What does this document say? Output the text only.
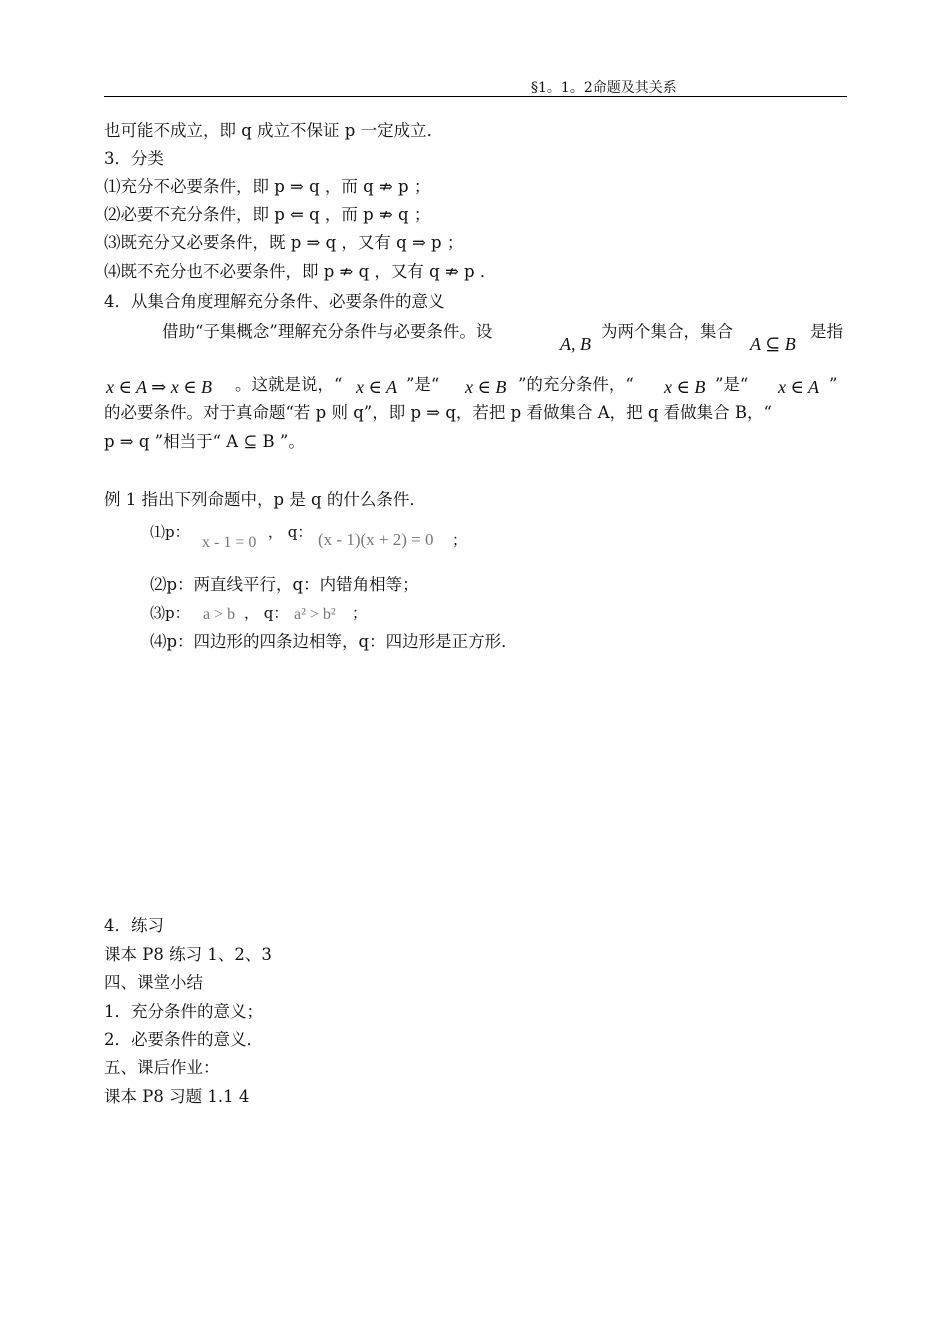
§1。1。2命题及其关系
也可能不成立，即 q 成立不保证 p 一定成立．
3．分类
⑴充分不必要条件，即 p ⇒ q ，而 q ⇏ p ；
⑵必要不充分条件，即 p ⇐ q ，而 p ⇏ q ；
⑶既充分又必要条件，既 p ⇒ q ，又有 q ⇒ p ；
⑷既不充分也不必要条件，即 p ⇏ q ，又有 q ⇏ p ．
4．从集合角度理解充分条件、必要条件的意义
借助“子集概念”理解充分条件与必要条件。设
A, B
为两个集合，集合
A ⊆ B
是指
x ∈ A ⇒ x ∈ B 。这就是说，“ x ∈ A ”是“ x ∈ B ”的充分条件，“ x ∈ B ”是“ x ∈ A ”
的必要条件。对于真命题“若 p 则 q”，即 p ⇒ q，若把 p 看做集合 A，把 q 看做集合 B，“
p ⇒ q ”相当于“ A ⊆ B ”。
例 1 指出下列命题中，p 是 q 的什么条件．
⑴p：
x - 1 = 0
， q： (x - 1)(x + 2) = 0 ；
⑵p：两直线平行，q：内错角相等；
⑶p： a > b ， q： a² > b² ；
⑷p：四边形的四条边相等，q：四边形是正方形．
4．练习
课本 P8 练习 1、2、3
四、课堂小结
1．充分条件的意义；
2．必要条件的意义．
五、课后作业：
课本 P8 习题 1.1 4
